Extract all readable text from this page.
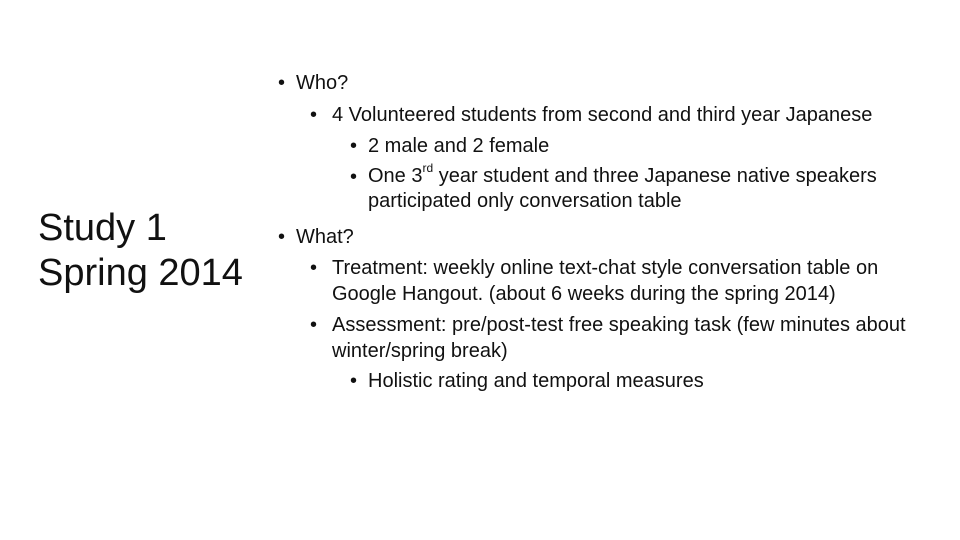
Study 1
Spring 2014
• Who?
• 4 Volunteered students from second and third year Japanese
• 2 male and 2 female
• One 3rd year student and three Japanese native speakers participated only conversation table
• What?
• Treatment: weekly online text-chat style conversation table on Google Hangout. (about 6 weeks during the spring 2014)
• Assessment: pre/post-test free speaking task (few minutes about winter/spring break)
• Holistic rating and temporal measures
